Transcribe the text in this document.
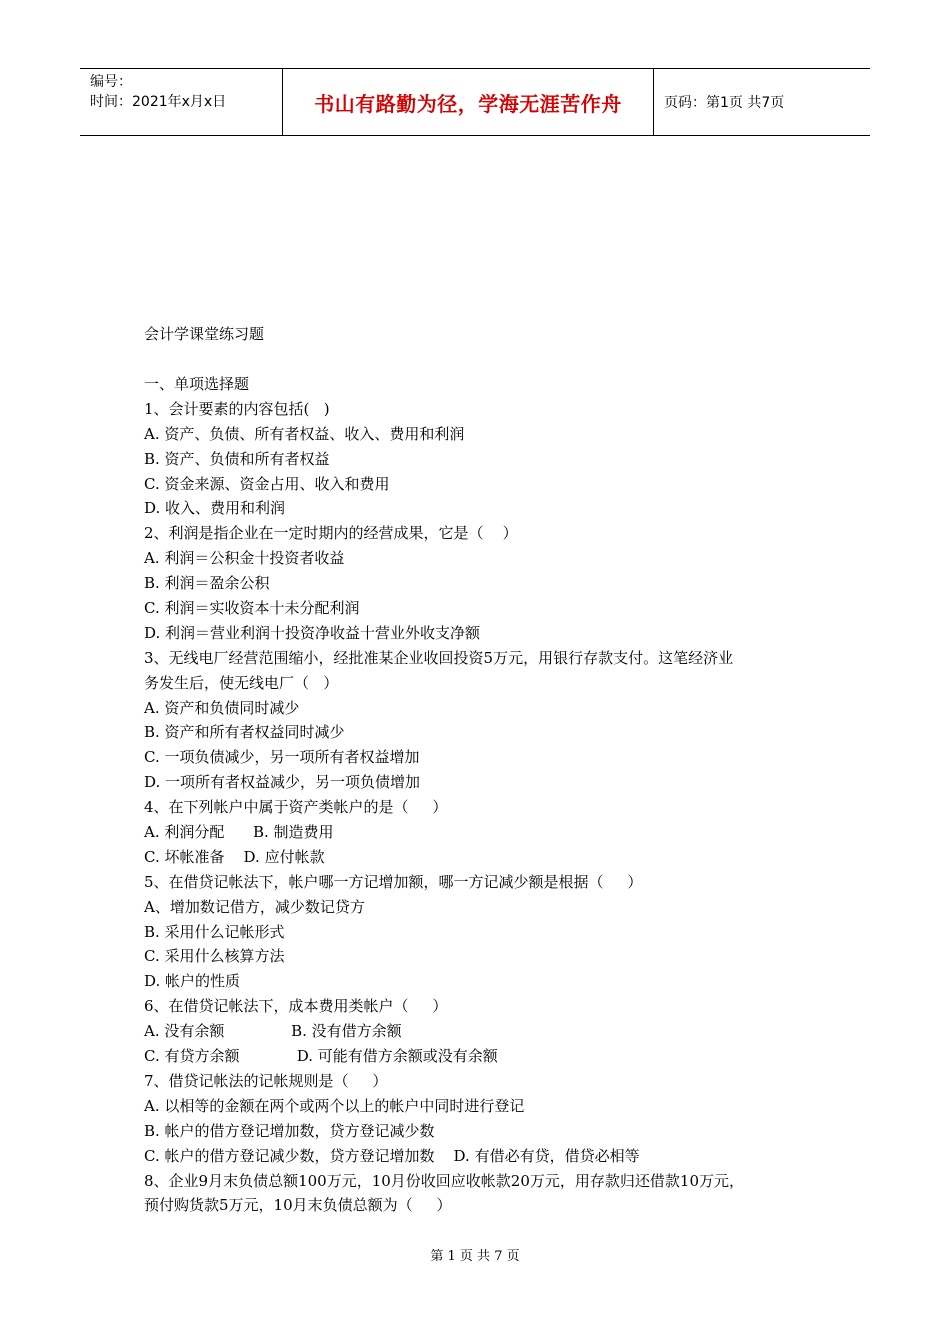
编号：
时间：2021年x月x日	书山有路勤为径，学海无涯苦作舟	页码：第1页 共7页
会计学课堂练习题
一、单项选择题
1、会计要素的内容包括(   )
A. 资产、负债、所有者权益、收入、费用和利润
B. 资产、负债和所有者权益
C. 资金来源、资金占用、收入和费用
D. 收入、费用和利润
2、利润是指企业在一定时期内的经营成果，它是（    ）
A. 利润＝公积金十投资者收益
B. 利润＝盈余公积
C. 利润＝实收资本十未分配利润
D. 利润＝营业利润十投资净收益十营业外收支净额
3、无线电厂经营范围缩小，经批准某企业收回投资5万元，用银行存款支付。这笔经济业
务发生后，使无线电厂（   ）
A. 资产和负债同时减少
B. 资产和所有者权益同时减少
C. 一项负债减少，另一项所有者权益增加
D. 一项所有者权益减少，另一项负债增加
4、在下列帐户中属于资产类帐户的是（     ）
A. 利润分配      B. 制造费用
C. 坏帐准备    D. 应付帐款
5、在借贷记帐法下，帐户哪一方记增加额，哪一方记减少额是根据（     ）
A、增加数记借方，减少数记贷方
B. 采用什么记帐形式
C. 采用什么核算方法
D. 帐户的性质
6、在借贷记帐法下，成本费用类帐户（     ）
A. 没有余额              B. 没有借方余额
C. 有贷方余额            D. 可能有借方余额或没有余额
7、借贷记帐法的记帐规则是（     ）
A. 以相等的金额在两个或两个以上的帐户中同时进行登记
B. 帐户的借方登记增加数，贷方登记减少数
C. 帐户的借方登记减少数，贷方登记增加数    D. 有借必有贷，借贷必相等
8、企业9月末负债总额100万元，10月份收回应收帐款20万元，用存款归还借款10万元，
预付购货款5万元，10月末负债总额为（     ）
第 1 页 共 7 页
